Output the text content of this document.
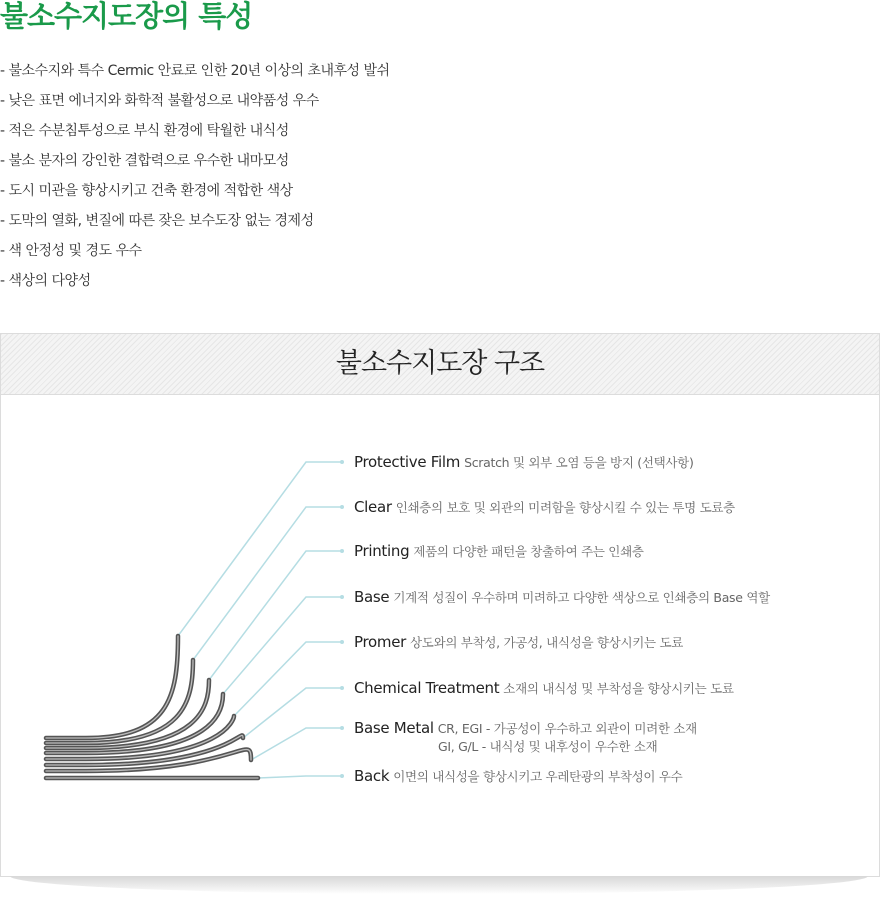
불소수지도장의 특성
- 불소수지와 특수 Cermic 안료로 인한 20년 이상의 초내후성 발쉬
- 낮은 표면 에너지와 화학적 불활성으로 내약품성 우수
- 적은 수분침투성으로 부식 환경에 탁월한 내식성
- 불소 분자의 강인한 결합력으로 우수한 내마모성
- 도시 미관을 향상시키고 건축 환경에 적합한 색상
- 도막의 열화, 변질에 따른 잦은 보수도장 없는 경제성
- 색 안정성 및 경도 우수
- 색상의 다양성
불소수지도장 구조
Protective Film Scratch 및 외부 오염 등을 방지 (선택사항)
Clear 인쇄층의 보호 및 외관의 미려함을 향상시킬 수 있는 투명 도료층
Printing 제품의 다양한 패턴을 창출하여 주는 인쇄층
Base 기계적 성질이 우수하며 미려하고 다양한 색상으로 인쇄층의 Base 역할
Promer 상도와의 부착성, 가공성, 내식성을 향상시키는 도료
Chemical Treatment 소재의 내식성 및 부착성을 향상시키는 도료
Base Metal CR, EGI - 가공성이 우수하고 외관이 미려한 소재
GI, G/L - 내식성 및 내후성이 우수한 소재
Back 이면의 내식성을 향상시키고 우레탄광의 부착성이 우수
